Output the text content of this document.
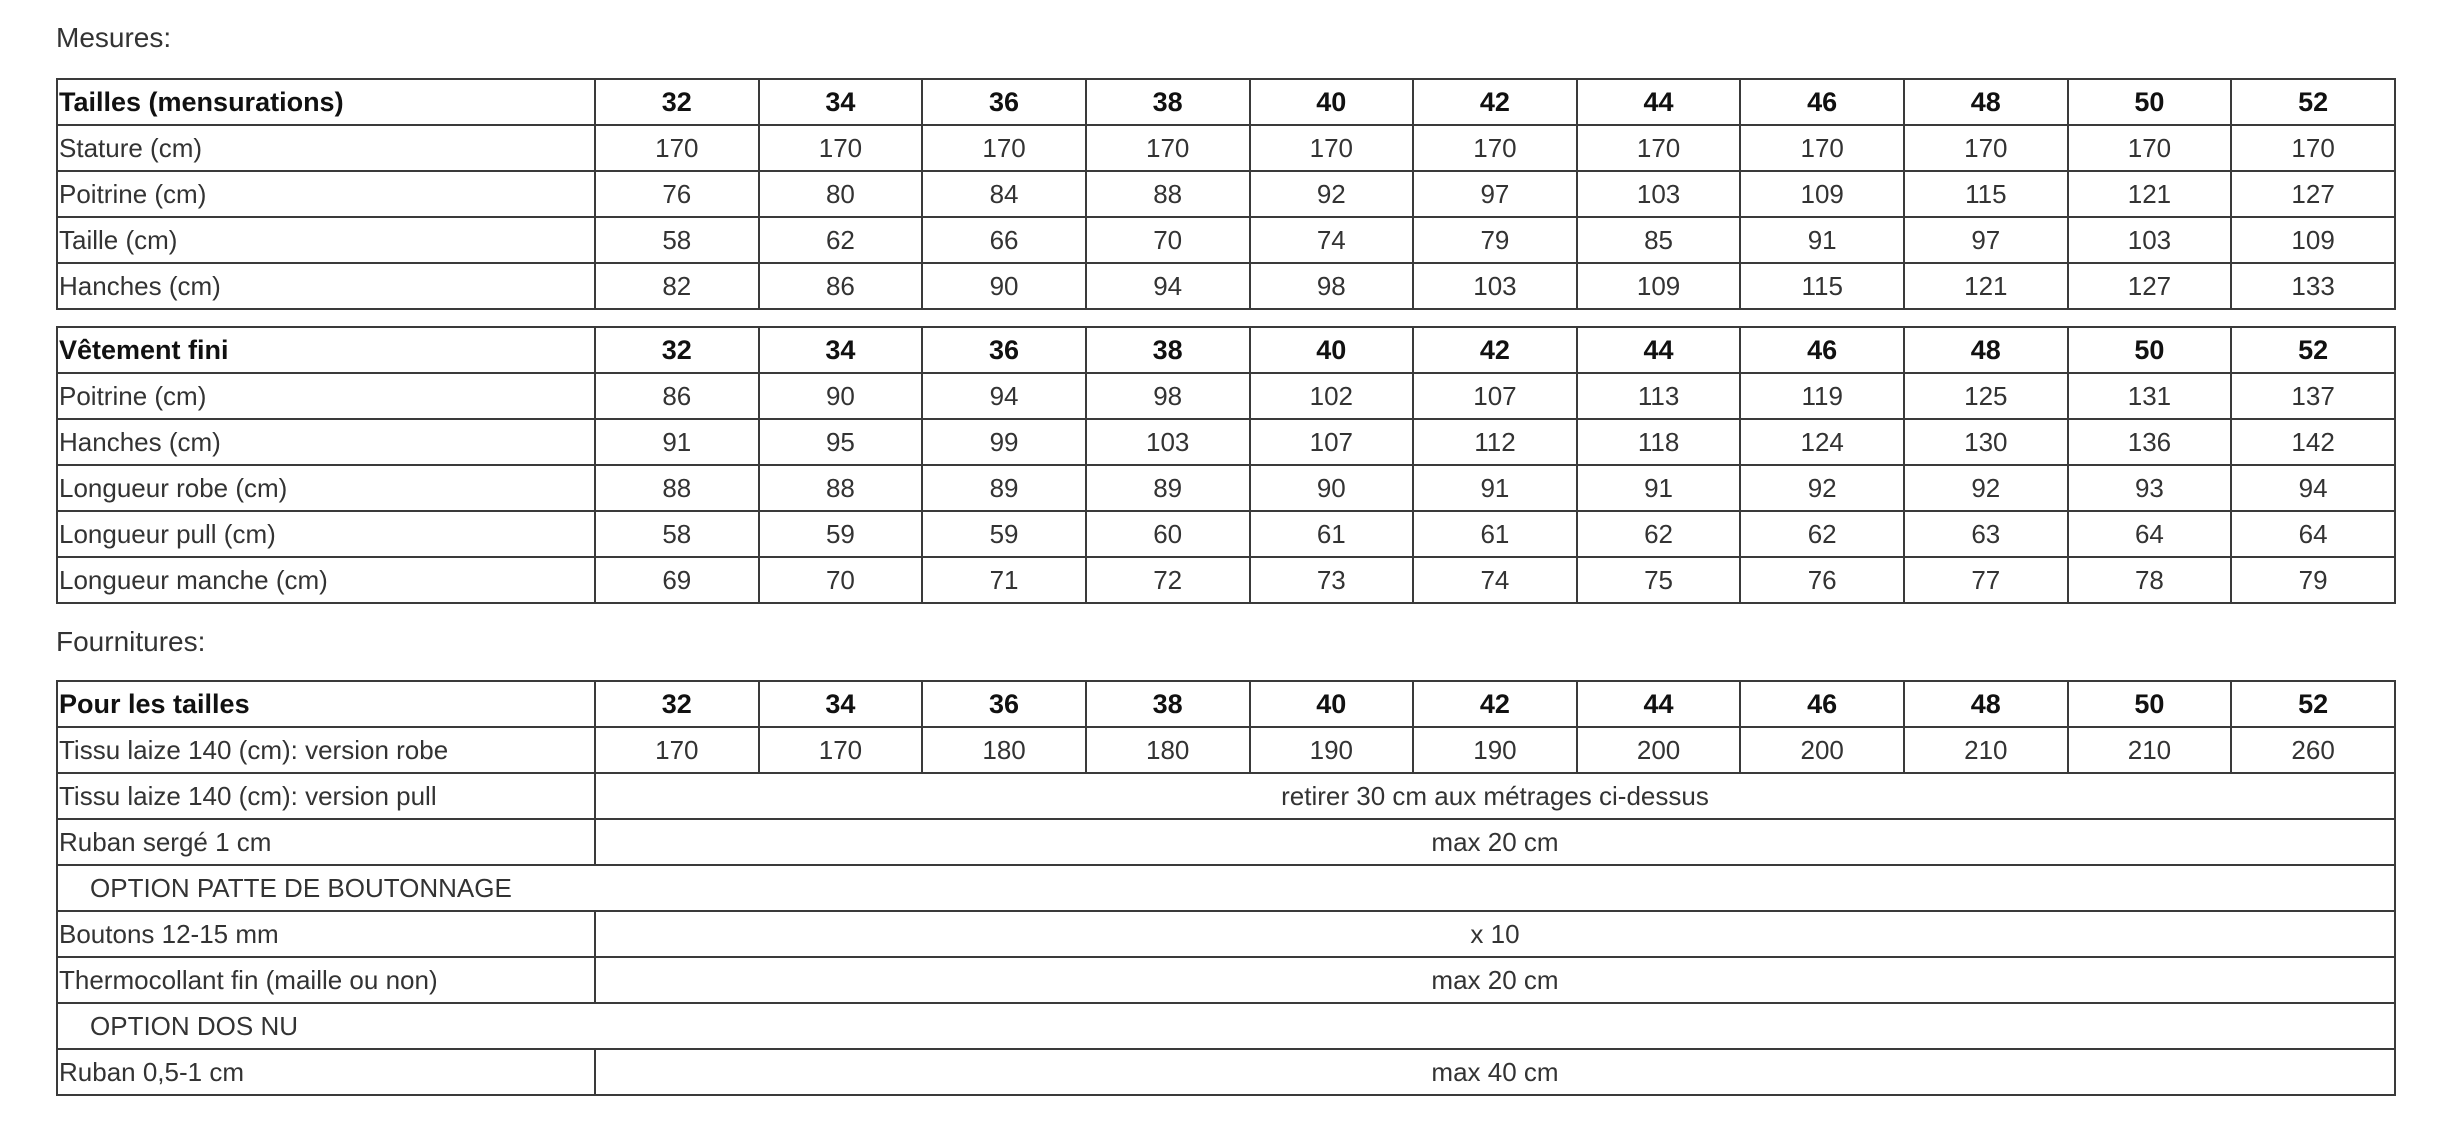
Mesures:
Tailles (mensurations)	32	34	36	38	40	42	44	46	48	50	52
Stature (cm)	170	170	170	170	170	170	170	170	170	170	170
Poitrine (cm)	76	80	84	88	92	97	103	109	115	121	127
Taille (cm)	58	62	66	70	74	79	85	91	97	103	109
Hanches (cm)	82	86	90	94	98	103	109	115	121	127	133
Vêtement fini	32	34	36	38	40	42	44	46	48	50	52
Poitrine (cm)	86	90	94	98	102	107	113	119	125	131	137
Hanches (cm)	91	95	99	103	107	112	118	124	130	136	142
Longueur robe (cm)	88	88	89	89	90	91	91	92	92	93	94
Longueur pull (cm)	58	59	59	60	61	61	62	62	63	64	64
Longueur manche (cm)	69	70	71	72	73	74	75	76	77	78	79
Fournitures:
Pour les tailles	32	34	36	38	40	42	44	46	48	50	52
Tissu laize 140 (cm): version robe	170	170	180	180	190	190	200	200	210	210	260
Tissu laize 140 (cm): version pull	retirer 30 cm aux métrages ci-dessus										
Ruban sergé 1 cm	max 20 cm										
OPTION PATTE DE BOUTONNAGE											
Boutons 12-15 mm	x 10										
Thermocollant fin (maille ou non)	max 20 cm										
OPTION DOS NU											
Ruban 0,5-1 cm	max 40 cm										
